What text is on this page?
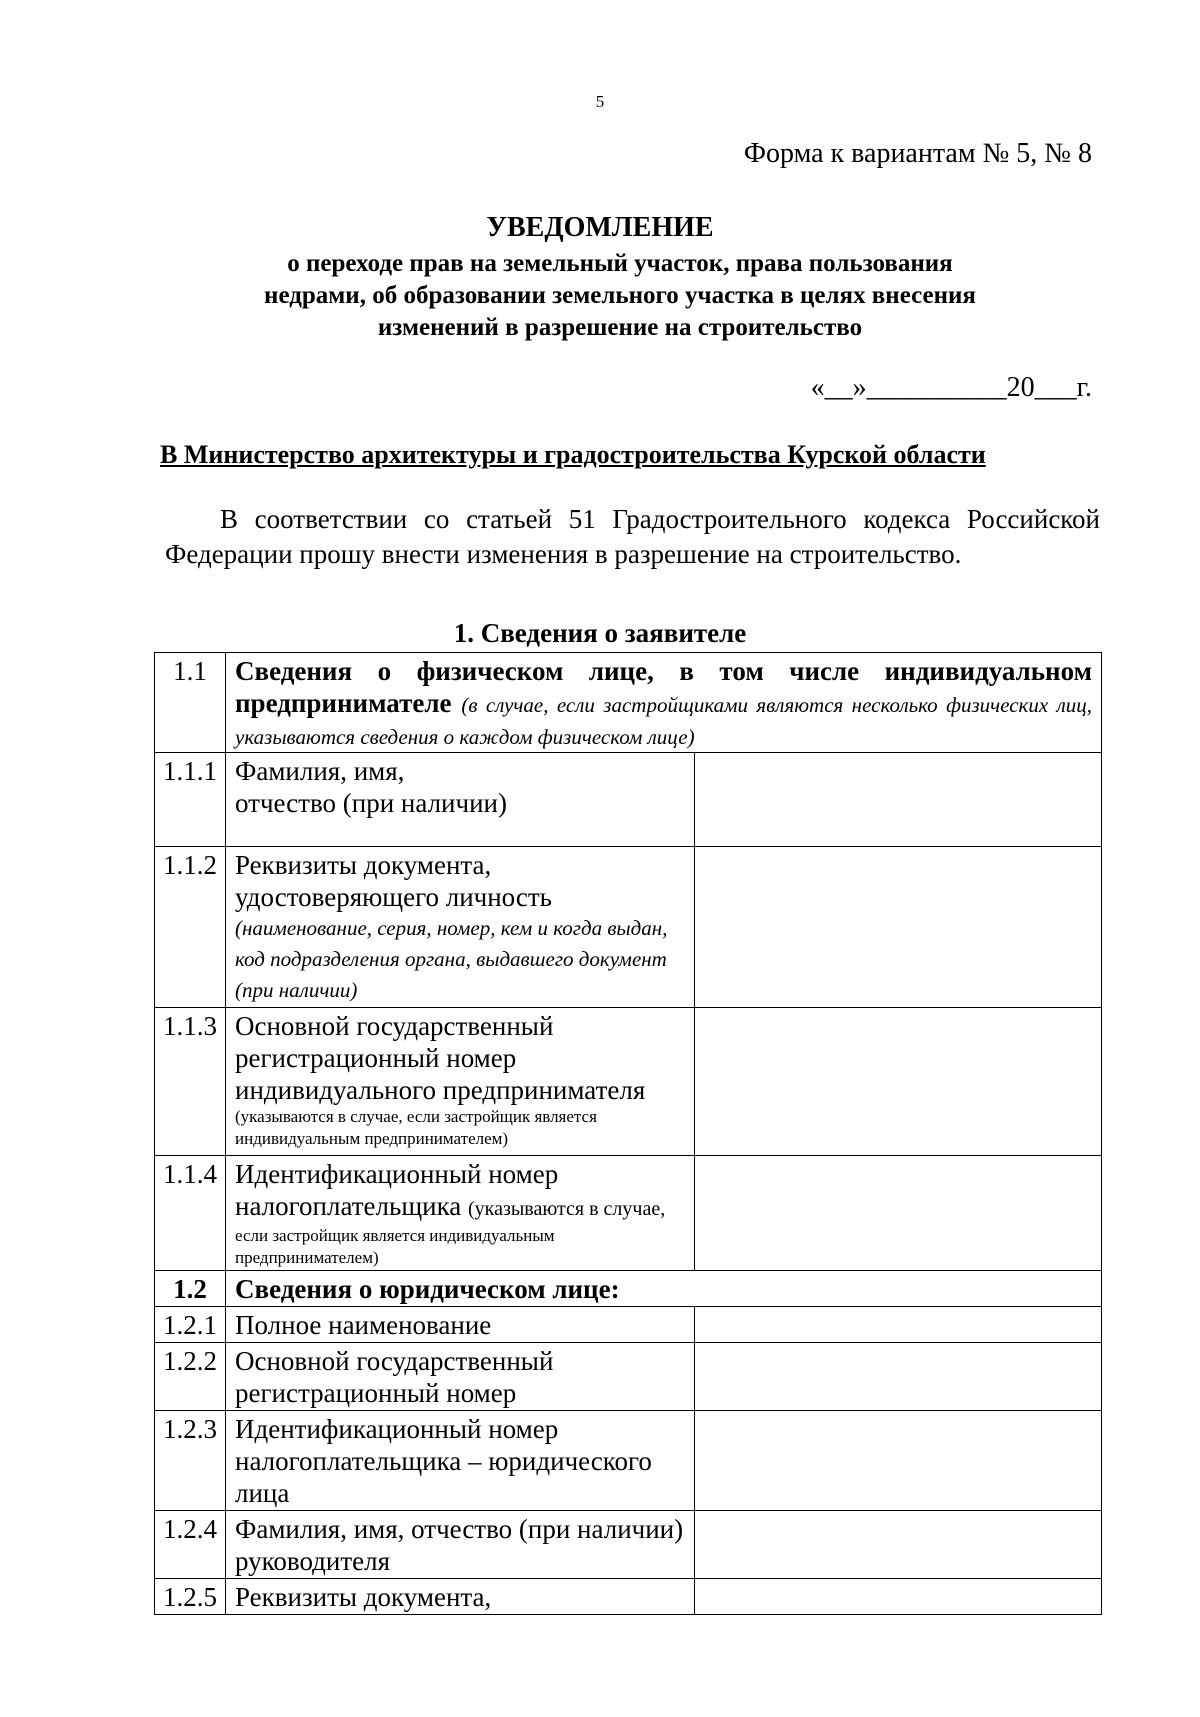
5
Форма к вариантам № 5, № 8
УВЕДОМЛЕНИЕ
о переходе прав на земельный участок, права пользования
недрами, об образовании земельного участка в целях внесения
изменений в разрешение на строительство
«__»__________20___г.
В Министерство архитектуры и градостроительства Курской области
В соответствии со статьей 51 Градостроительного кодекса Российской Федерации прошу внести изменения в разрешение на строительство.
1. Сведения о заявителе
1.1	Сведения о физическом лице, в том числе индивидуальном предпринимателе (в случае, если застройщиками являются несколько физических лиц, указываются сведения о каждом физическом лице)	
1.1.1	Фамилия, имя,
отчество (при наличии)	

1.1.2	Реквизиты документа, удостоверяющего личность
(наименование, серия, номер, кем и когда выдан, код подразделения органа, выдавшего документ (при наличии)	

1.1.3	Основной государственный регистрационный номер индивидуального предпринимателя
(указываются в случае, если застройщик является индивидуальным предпринимателем)	

1.1.4	Идентификационный номер налогоплательщика (указываются в случае,
если застройщик является индивидуальным предпринимателем)	

1.2	Сведения о юридическом лице:	
1.2.1	Полное наименование	
1.2.2	Основной государственный регистрационный номер	
1.2.3	Идентификационный номер налогоплательщика – юридического лица	
1.2.4	Фамилия, имя, отчество (при наличии) руководителя	
1.2.5	Реквизиты документа,	
